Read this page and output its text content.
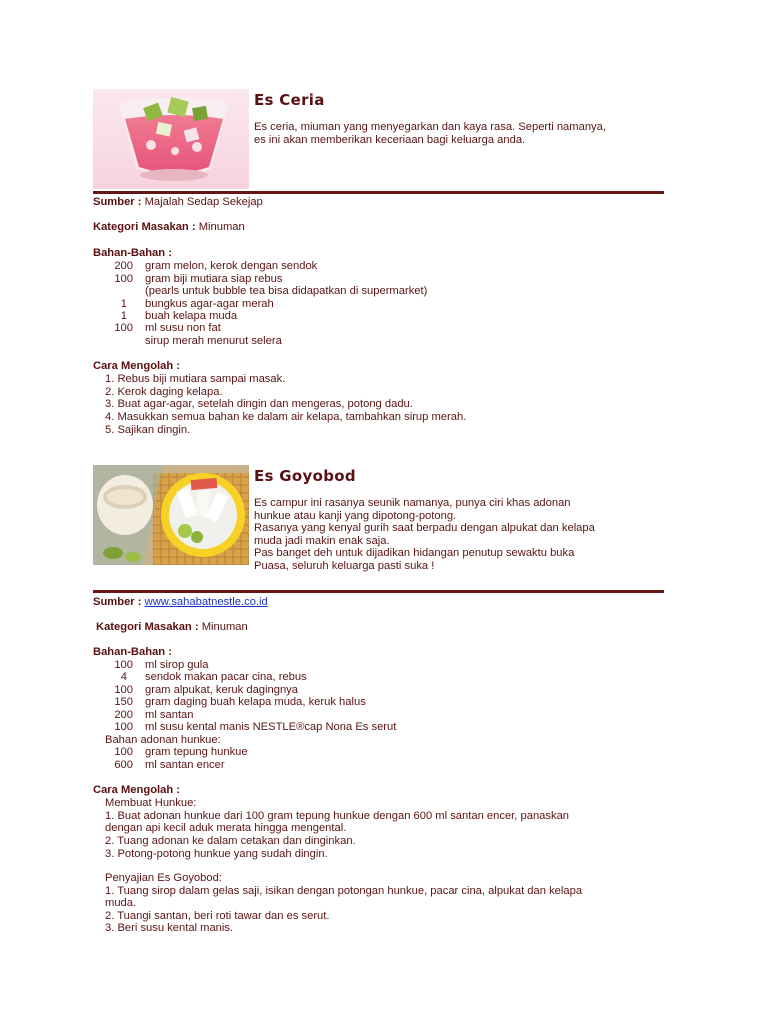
Es Ceria
Es ceria, miuman yang menyegarkan dan kaya rasa. Seperti namanya,
es ini akan memberikan keceriaan bagi keluarga anda.
Sumber : Majalah Sedap Sekejap
Kategori Masakan : Minuman
Bahan-Bahan :
200 gram melon, kerok dengan sendok
100 gram biji mutiara siap rebus
(pearls untuk bubble tea bisa didapatkan di supermarket)
1 bungkus agar-agar merah
1 buah kelapa muda
100 ml susu non fat
sirup merah menurut selera
Cara Mengolah :
1. Rebus biji mutiara sampai masak.
2. Kerok daging kelapa.
3. Buat agar-agar, setelah dingin dan mengeras, potong dadu.
4. Masukkan semua bahan ke dalam air kelapa, tambahkan sirup merah.
5. Sajikan dingin.
Es Goyobod
Es campur ini rasanya seunik namanya, punya ciri khas adonan
hunkue atau kanji yang dipotong-potong.
Rasanya yang kenyal gurih saat berpadu dengan alpukat dan kelapa
muda jadi makin enak saja.
Pas banget deh untuk dijadikan hidangan penutup sewaktu buka
Puasa, seluruh keluarga pasti suka !
Sumber : www.sahabatnestle.co.id
Kategori Masakan : Minuman
Bahan-Bahan :
100 ml sirop gula
4 sendok makan pacar cina, rebus
100 gram alpukat, keruk dagingnya
150 gram daging buah kelapa muda, keruk halus
200 ml santan
100 ml susu kental manis NESTLE®cap Nona Es serut
Bahan adonan hunkue:
100 gram tepung hunkue
600 ml santan encer
Cara Mengolah :
Membuat Hunkue:
1. Buat adonan hunkue dari 100 gram tepung hunkue dengan 600 ml santan encer, panaskan
dengan api kecil aduk merata hingga mengental.
2. Tuang adonan ke dalam cetakan dan dinginkan.
3. Potong-potong hunkue yang sudah dingin.
Penyajian Es Goyobod:
1. Tuang sirop dalam gelas saji, isikan dengan potongan hunkue, pacar cina, alpukat dan kelapa
muda.
2. Tuangi santan, beri roti tawar dan es serut.
3. Beri susu kental manis.
